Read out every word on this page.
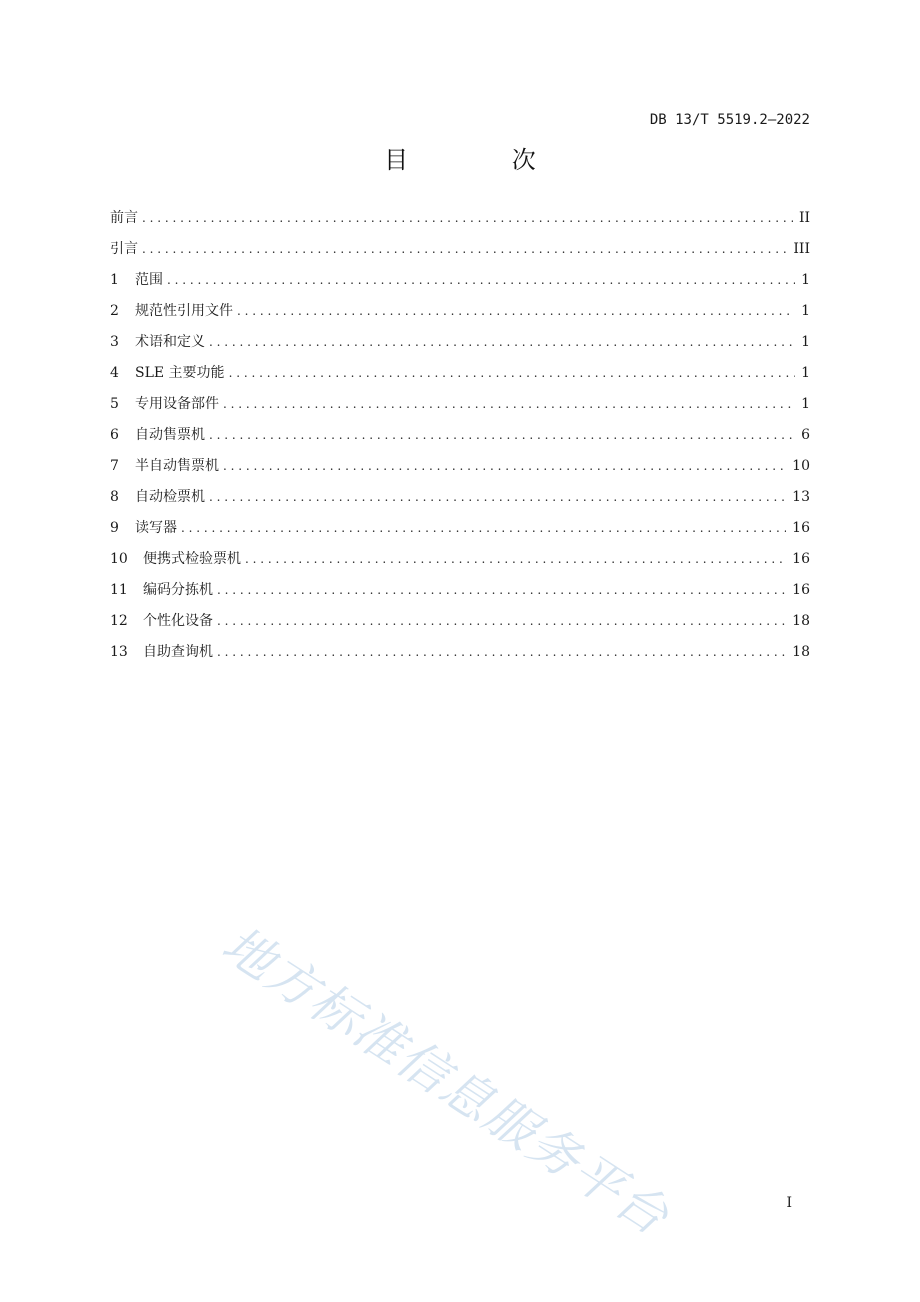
DB 13/T 5519.2—2022
目 次
前言 . . .	II
引言 . . .	III
1	范围 . . .	1
2	规范性引用文件 . . .	1
3	术语和定义 . . .	1
4	SLE 主要功能 . . .	1
5	专用设备部件 . . .	1
6	自动售票机 . . .	6
7	半自动售票机 . . .	10
8	自动检票机 . . .	13
9	读写器 . . .	16
10	便携式检验票机 . . .	16
11	编码分拣机 . . .	16
12	个性化设备 . . .	18
13	自助查询机 . . .	18
地方标准信息服务平台	I
